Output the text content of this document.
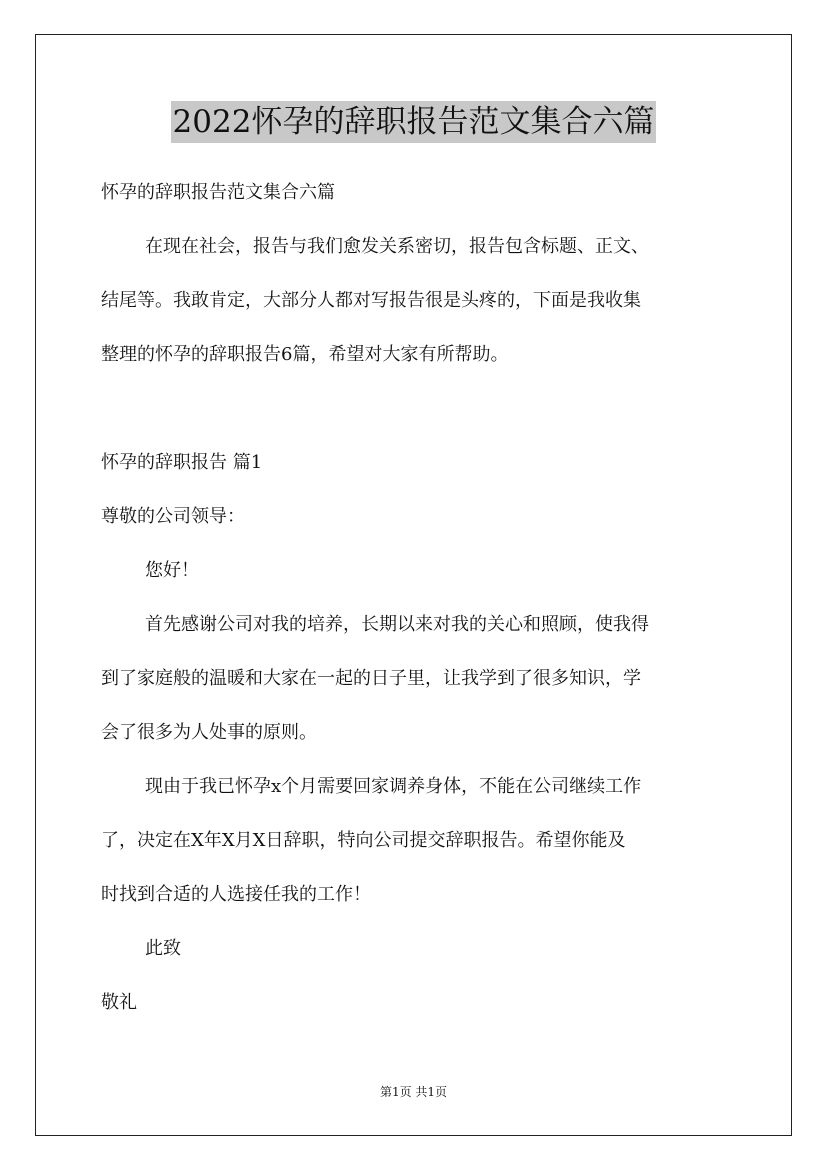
2022怀孕的辞职报告范文集合六篇
怀孕的辞职报告范文集合六篇
在现在社会，报告与我们愈发关系密切，报告包含标题、正文、
结尾等。我敢肯定，大部分人都对写报告很是头疼的，下面是我收集
整理的怀孕的辞职报告6篇，希望对大家有所帮助。
怀孕的辞职报告 篇1
尊敬的公司领导：
您好！
首先感谢公司对我的培养，长期以来对我的关心和照顾，使我得
到了家庭般的温暖和大家在一起的日子里，让我学到了很多知识，学
会了很多为人处事的原则。
现由于我已怀孕x个月需要回家调养身体，不能在公司继续工作
了，决定在X年X月X日辞职，特向公司提交辞职报告。希望你能及
时找到合适的人选接任我的工作！
此致
敬礼
第1页 共1页
